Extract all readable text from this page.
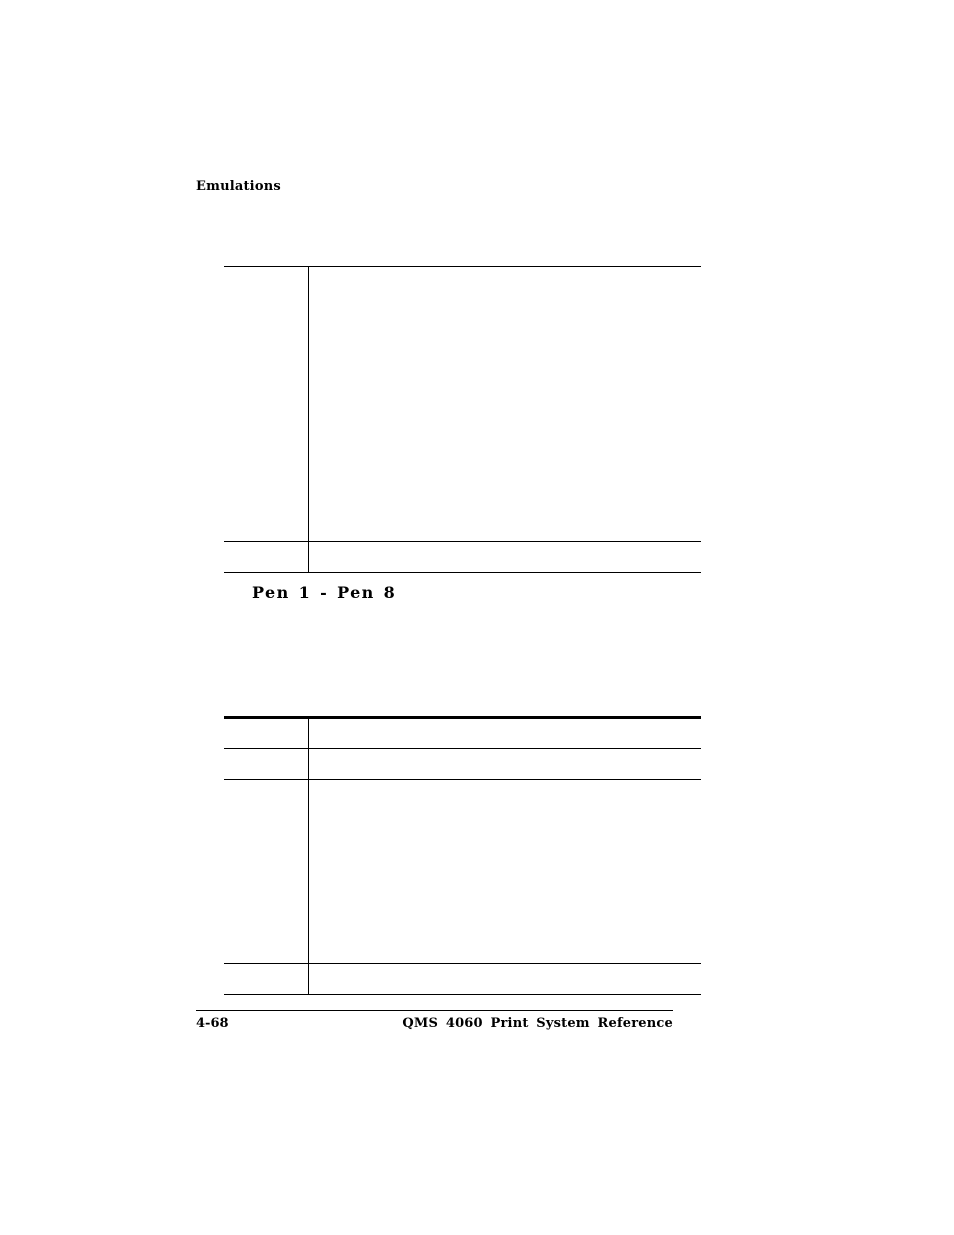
Emulations
Pen 1 - Pen 8
4-68	QMS 4060 Print System Reference
